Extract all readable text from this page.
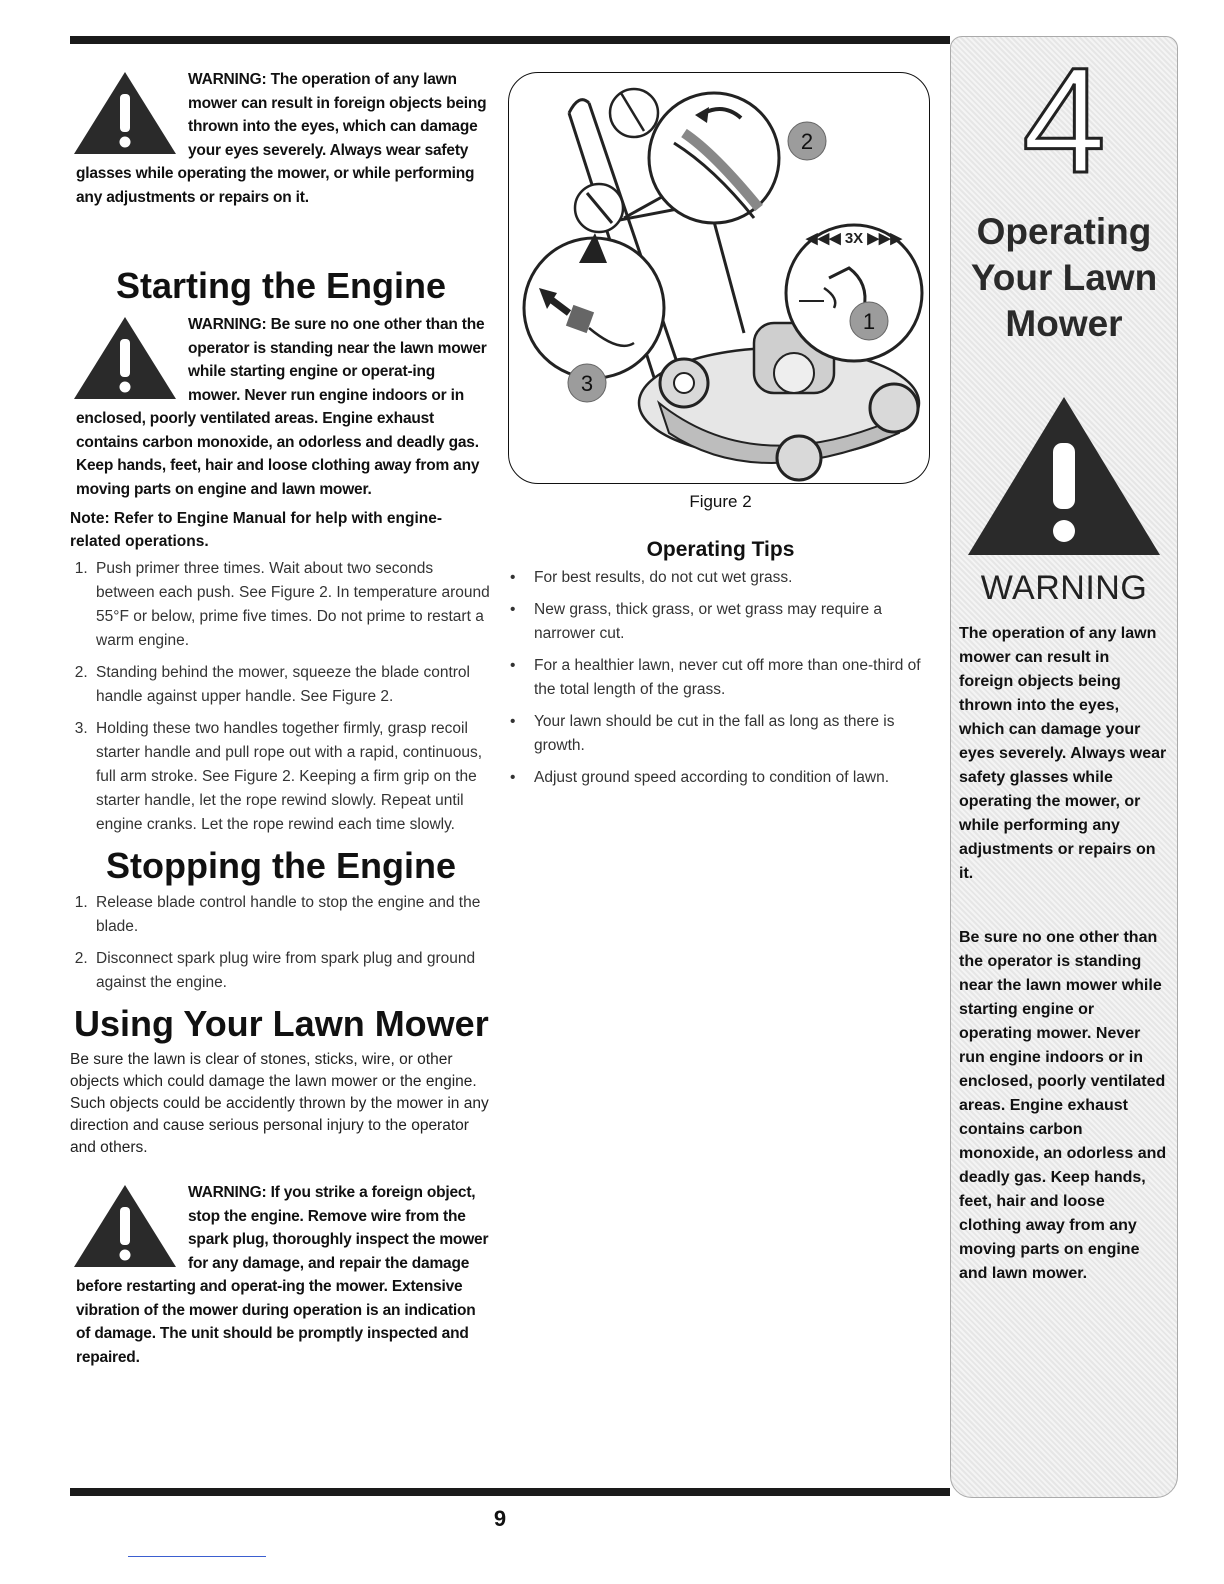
WARNING: The operation of any lawn mower can result in foreign objects being thrown into the eyes, which can damage your eyes severely. Always wear safety glasses while operating the mower, or while performing any adjustments or repairs on it.
Starting the Engine
WARNING: Be sure no one other than the operator is standing near the lawn mower while starting engine or operat-ing mower. Never run engine indoors or in enclosed, poorly ventilated areas. Engine exhaust contains carbon monoxide, an odorless and deadly gas. Keep hands, feet, hair and loose clothing away from any moving parts on engine and lawn mower.
Note: Refer to Engine Manual for help with engine-related operations.
1. Push primer three times. Wait about two seconds between each push. See Figure 2. In temperature around 55°F or below, prime five times. Do not prime to restart a warm engine.
2. Standing behind the mower, squeeze the blade control handle against upper handle. See Figure 2.
3. Holding these two handles together firmly, grasp recoil starter handle and pull rope out with a rapid, continuous, full arm stroke. See Figure 2. Keeping a firm grip on the starter handle, let the rope rewind slowly. Repeat until engine cranks. Let the rope rewind each time slowly.
Stopping the Engine
1. Release blade control handle to stop the engine and the blade.
2. Disconnect spark plug wire from spark plug and ground against the engine.
Using Your Lawn Mower

Be sure the lawn is clear of stones, sticks, wire, or other objects which could damage the lawn mower or the engine. Such objects could be accidently thrown by the mower in any direction and cause serious personal injury to the operator and others.

WARNING: If you strike a foreign object, stop the engine. Remove wire from the spark plug, thoroughly inspect the mower for any damage, and repair the damage before restarting and operat-ing the mower. Extensive vibration of the mower during operation is an indication of damage. The unit should be promptly inspected and repaired.
◀◀◀ 3X ▶▶▶
2
1
3
Figure 2
Operating Tips
• For best results, do not cut wet grass.
• New grass, thick grass, or wet grass may require a narrower cut.
• For a healthier lawn, never cut off more than one-third of the total length of the grass.
• Your lawn should be cut in the fall as long as there is growth.
• Adjust ground speed according to condition of lawn.
4
Operating
Your Lawn
Mower
WARNING
The operation of any lawn mower can result in foreign objects being thrown into the eyes, which can damage your eyes severely. Always wear safety glasses while operating the mower, or while performing any adjustments or repairs on it.
Be sure no one other than the operator is standing near the lawn mower while starting engine or operating mower. Never run engine indoors or in enclosed, poorly ventilated areas. Engine exhaust contains carbon monoxide, an odorless and deadly gas. Keep hands, feet, hair and loose clothing away from any moving parts on engine and lawn mower.
9
